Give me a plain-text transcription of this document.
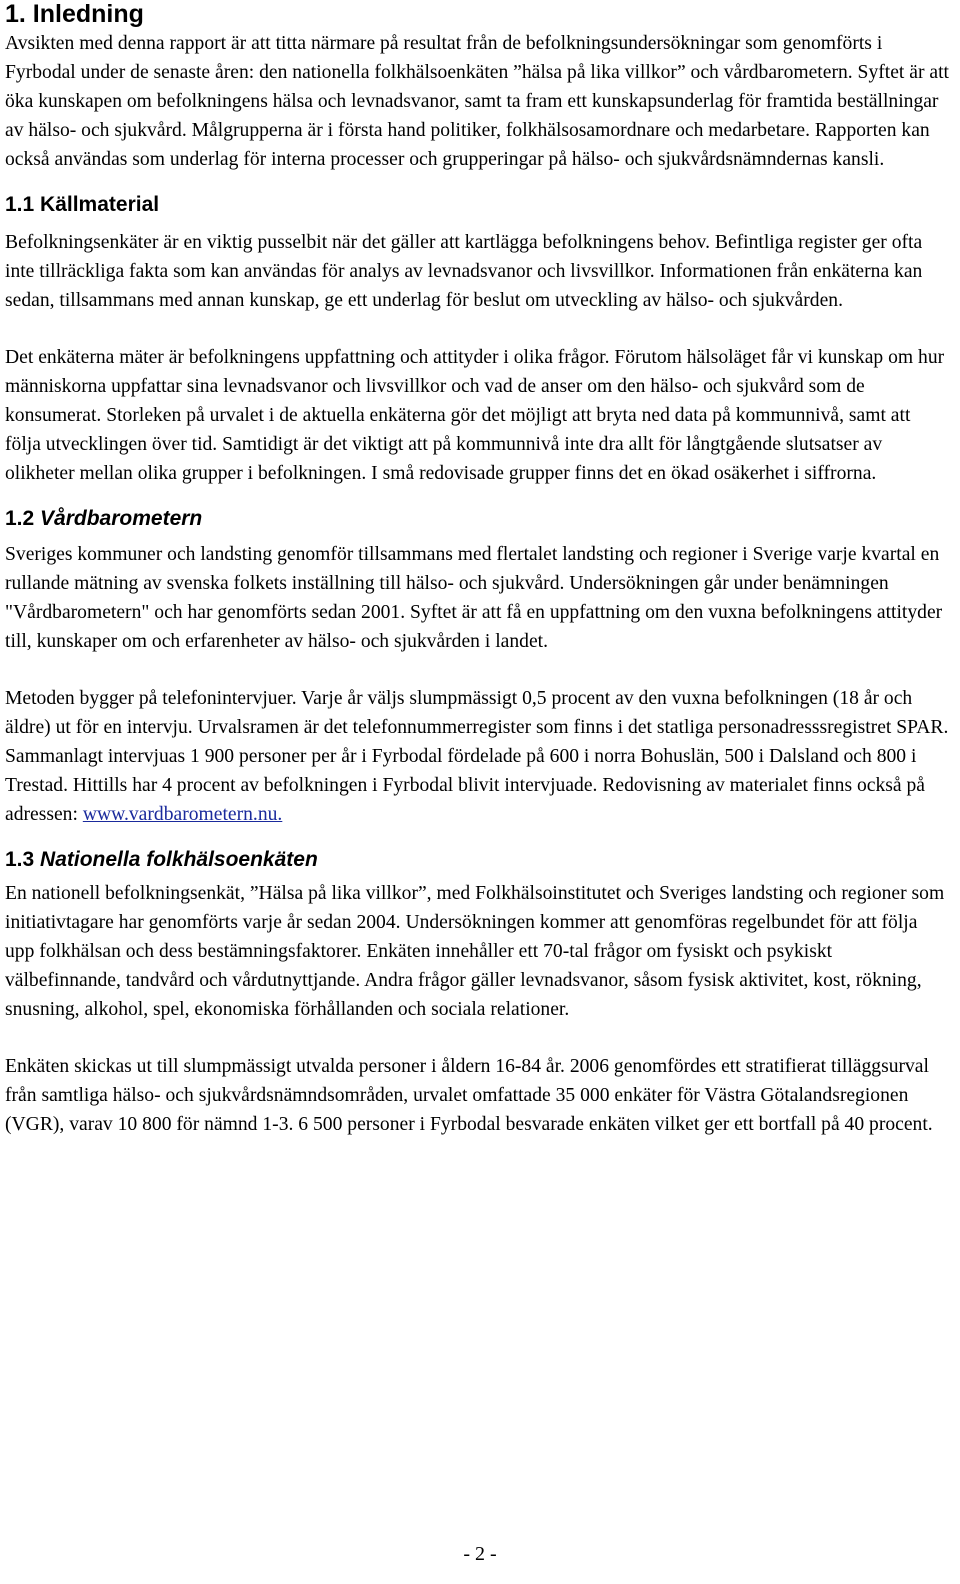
1. Inledning

Avsikten med denna rapport är att titta närmare på resultat från de befolkningsundersökningar som genomförts i Fyrbodal under de senaste åren: den nationella folkhälsoenkäten ”hälsa på lika villkor” och vårdbarometern. Syftet är att öka kunskapen om befolkningens hälsa och levnadsvanor, samt ta fram ett kunskapsunderlag för framtida beställningar av hälso- och sjukvård. Målgrupperna är i första hand politiker, folkhälsosamordnare och medarbetare. Rapporten kan också användas som underlag för interna processer och grupperingar på hälso- och sjukvårdsnämndernas kansli.

1.1 Källmaterial

Befolkningsenkäter är en viktig pusselbit när det gäller att kartlägga befolkningens behov. Befintliga register ger ofta inte tillräckliga fakta som kan användas för analys av levnadsvanor och livsvillkor. Informationen från enkäterna kan sedan, tillsammans med annan kunskap, ge ett underlag för beslut om utveckling av hälso- och sjukvården.

Det enkäterna mäter är befolkningens uppfattning och attityder i olika frågor. Förutom hälsoläget får vi kunskap om hur människorna uppfattar sina levnadsvanor och livsvillkor och vad de anser om den hälso- och sjukvård som de konsumerat. Storleken på urvalet i de aktuella enkäterna gör det möjligt att bryta ned data på kommunnivå, samt att följa utvecklingen över tid. Samtidigt är det viktigt att på kommunnivå inte dra allt för långtgående slutsatser av olikheter mellan olika grupper i befolkningen. I små redovisade grupper finns det en ökad osäkerhet i siffrorna.

1.2 Vårdbarometern

Sveriges kommuner och landsting genomför tillsammans med flertalet landsting och regioner i Sverige varje kvartal en rullande mätning av svenska folkets inställning till hälso- och sjukvård. Undersökningen går under benämningen "Vårdbarometern" och har genomförts sedan 2001. Syftet är att få en uppfattning om den vuxna befolkningens attityder till, kunskaper om och erfarenheter av hälso- och sjukvården i landet.

Metoden bygger på telefonintervjuer. Varje år väljs slumpmässigt 0,5 procent av den vuxna befolkningen (18 år och äldre) ut för en intervju. Urvalsramen är det telefonnummerregister som finns i det statliga personadresssregistret SPAR. Sammanlagt intervjuas 1 900 personer per år i Fyrbodal fördelade på 600 i norra Bohuslän, 500 i Dalsland och 800 i Trestad. Hittills har 4 procent av befolkningen i Fyrbodal blivit intervjuade. Redovisning av materialet finns också på adressen: www.vardbarometern.nu.

1.3 Nationella folkhälsoenkäten

En nationell befolkningsenkät, ”Hälsa på lika villkor”, med Folkhälsoinstitutet och Sveriges landsting och regioner som initiativtagare har genomförts varje år sedan 2004. Undersökningen kommer att genomföras regelbundet för att följa upp folkhälsan och dess bestämningsfaktorer. Enkäten innehåller ett 70-tal frågor om fysiskt och psykiskt välbefinnande, tandvård och vårdutnyttjande. Andra frågor gäller levnadsvanor, såsom fysisk aktivitet, kost, rökning, snusning, alkohol, spel, ekonomiska förhållanden och sociala relationer.

Enkäten skickas ut till slumpmässigt utvalda personer i åldern 16-84 år. 2006 genomfördes ett stratifierat tilläggsurval från samtliga hälso- och sjukvårdsnämndsområden, urvalet omfattade 35 000 enkäter för Västra Götalandsregionen (VGR), varav 10 800 för nämnd 1-3. 6 500 personer i Fyrbodal besvarade enkäten vilket ger ett bortfall på 40 procent.

- 2 -
